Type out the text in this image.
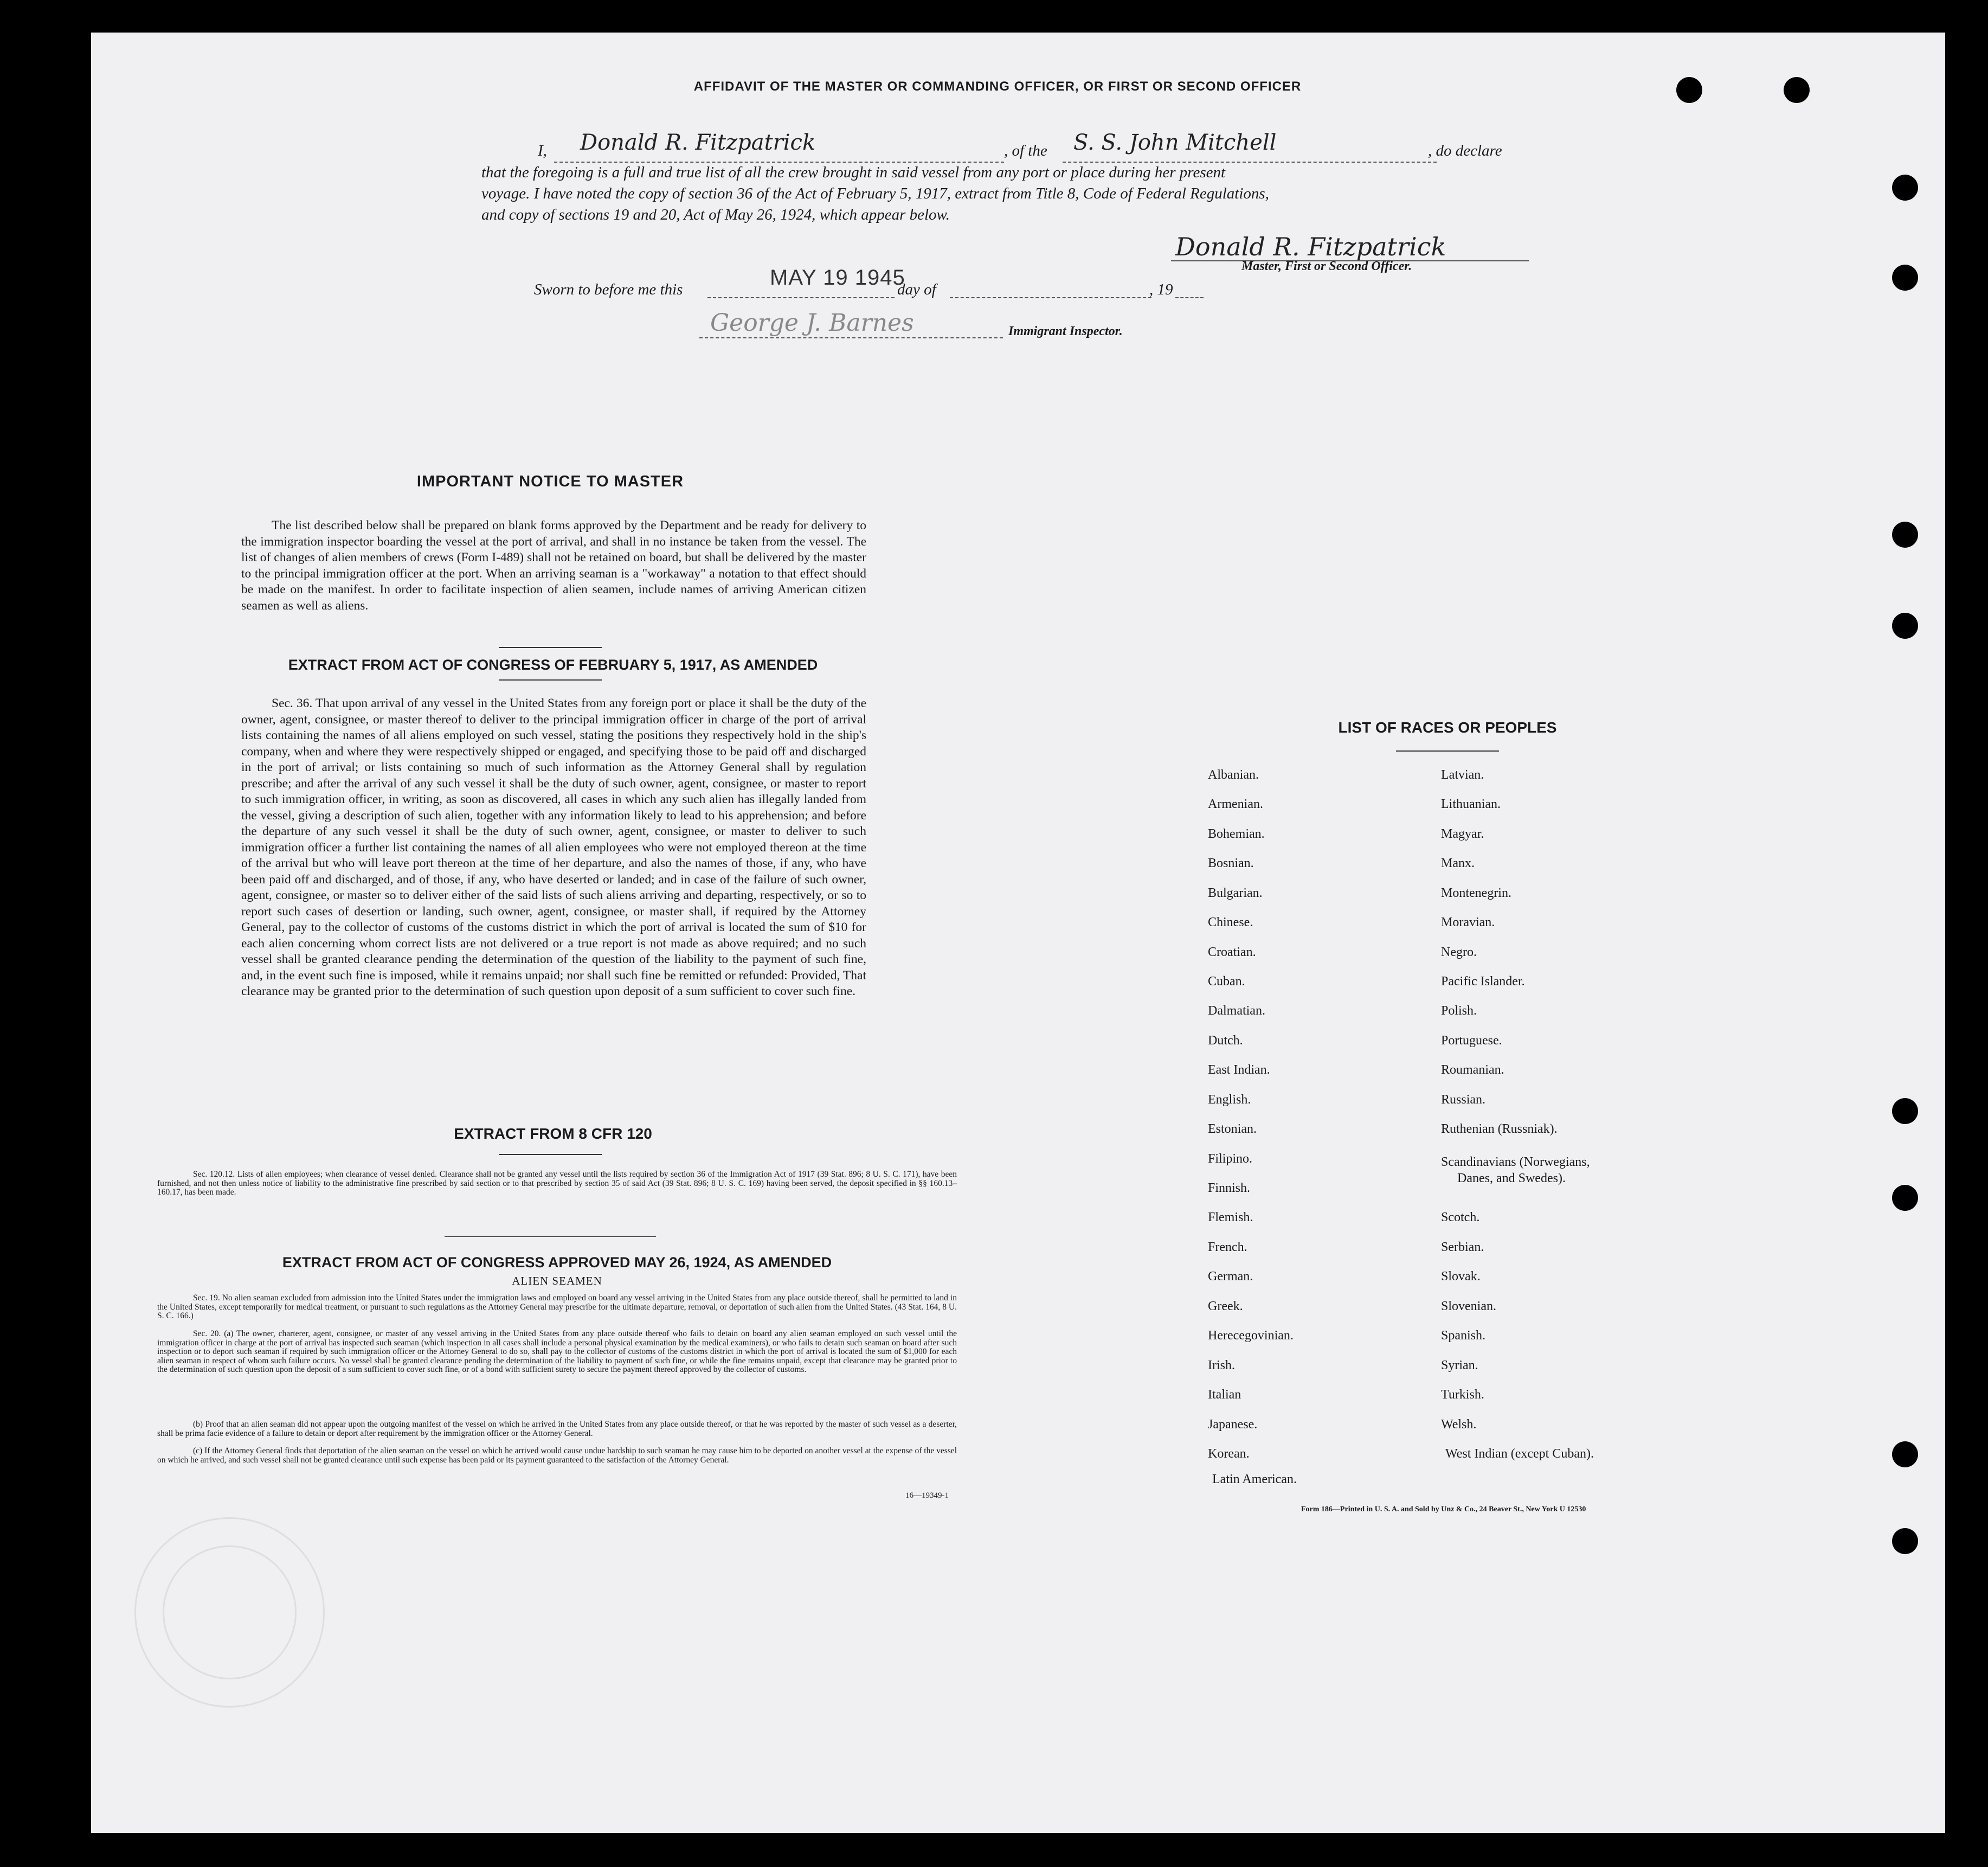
AFFIDAVIT OF THE MASTER OR COMMANDING OFFICER, OR FIRST OR SECOND OFFICER
I, Donald R. Fitzpatrick	, of the S. S. John Mitchell	, do declare
that the foregoing is a full and true list of all the crew brought in said vessel from any port or place during her present
voyage. I have noted the copy of section 36 of the Act of February 5, 1917, extract from Title 8, Code of Federal Regulations,
and copy of sections 19 and 20, Act of May 26, 1924, which appear below.
Donald R. Fitzpatrick
Master, First or Second Officer.
Sworn to before me this	MAY 19 1945
day of	, 19
George J. Barnes	Immigrant Inspector.
IMPORTANT NOTICE TO MASTER
The list described below shall be prepared on blank forms approved by the Department and be ready for delivery to the immigration inspector boarding the vessel at the port of arrival, and shall in no instance be taken from the vessel. The list of changes of alien members of crews (Form I-489) shall not be retained on board, but shall be delivered by the master to the principal immigration officer at the port. When an arriving seaman is a "workaway" a notation to that effect should be made on the manifest. In order to facilitate inspection of alien seamen, include names of arriving American citizen seamen as well as aliens.
EXTRACT FROM ACT OF CONGRESS OF FEBRUARY 5, 1917, AS AMENDED
Sec. 36. That upon arrival of any vessel in the United States from any foreign port or place it shall be the duty of the owner, agent, consignee, or master thereof to deliver to the principal immigration officer in charge of the port of arrival lists containing the names of all aliens employed on such vessel, stating the positions they respectively hold in the ship's company, when and where they were respectively shipped or engaged, and specifying those to be paid off and discharged in the port of arrival; or lists containing so much of such information as the Attorney General shall by regulation prescribe; and after the arrival of any such vessel it shall be the duty of such owner, agent, consignee, or master to report to such immigration officer, in writing, as soon as discovered, all cases in which any such alien has illegally landed from the vessel, giving a description of such alien, together with any information likely to lead to his apprehension; and before the departure of any such vessel it shall be the duty of such owner, agent, consignee, or master to deliver to such immigration officer a further list containing the names of all alien employees who were not employed thereon at the time of the arrival but who will leave port thereon at the time of her departure, and also the names of those, if any, who have been paid off and discharged, and of those, if any, who have deserted or landed; and in case of the failure of such owner, agent, consignee, or master so to deliver either of the said lists of such aliens arriving and departing, respectively, or so to report such cases of desertion or landing, such owner, agent, consignee, or master shall, if required by the Attorney General, pay to the collector of customs of the customs district in which the port of arrival is located the sum of $10 for each alien concerning whom correct lists are not delivered or a true report is not made as above required; and no such vessel shall be granted clearance pending the determination of the question of the liability to the payment of such fine, and, in the event such fine is imposed, while it remains unpaid; nor shall such fine be remitted or refunded: Provided, That clearance may be granted prior to the determination of such question upon deposit of a sum sufficient to cover such fine.
EXTRACT FROM 8 CFR 120
Sec. 120.12. Lists of alien employees; when clearance of vessel denied. Clearance shall not be granted any vessel until the lists required by section 36 of the Immigration Act of 1917 (39 Stat. 896; 8 U. S. C. 171), have been furnished, and not then unless notice of liability to the administrative fine prescribed by said section or to that prescribed by section 35 of said Act (39 Stat. 896; 8 U. S. C. 169) having been served, the deposit specified in §§ 160.13–160.17, has been made.
EXTRACT FROM ACT OF CONGRESS APPROVED MAY 26, 1924, AS AMENDED
ALIEN SEAMEN
Sec. 19. No alien seaman excluded from admission into the United States under the immigration laws and employed on board any vessel arriving in the United States from any place outside thereof, shall be permitted to land in the United States, except temporarily for medical treatment, or pursuant to such regulations as the Attorney General may prescribe for the ultimate departure, removal, or deportation of such alien from the United States. (43 Stat. 164, 8 U. S. C. 166.)
Sec. 20. (a) The owner, charterer, agent, consignee, or master of any vessel arriving in the United States from any place outside thereof who fails to detain on board any alien seaman employed on such vessel until the immigration officer in charge at the port of arrival has inspected such seaman (which inspection in all cases shall include a personal physical examination by the medical examiners), or who fails to detain such seaman on board after such inspection or to deport such seaman if required by such immigration officer or the Attorney General to do so, shall pay to the collector of customs of the customs district in which the port of arrival is located the sum of $1,000 for each alien seaman in respect of whom such failure occurs. No vessel shall be granted clearance pending the determination of the liability to payment of such fine, or while the fine remains unpaid, except that clearance may be granted prior to the determination of such question upon the deposit of a sum sufficient to cover such fine, or of a bond with sufficient surety to secure the payment thereof approved by the collector of customs.
(b) Proof that an alien seaman did not appear upon the outgoing manifest of the vessel on which he arrived in the United States from any place outside thereof, or that he was reported by the master of such vessel as a deserter, shall be prima facie evidence of a failure to detain or deport after requirement by the immigration officer or the Attorney General.
(c) If the Attorney General finds that deportation of the alien seaman on the vessel on which he arrived would cause undue hardship to such seaman he may cause him to be deported on another vessel at the expense of the vessel on which he arrived, and such vessel shall not be granted clearance until such expense has been paid or its payment guaranteed to the satisfaction of the Attorney General.
16—19349-1
LIST OF RACES OR PEOPLES
Albanian.
Armenian.
Bohemian.
Bosnian.
Bulgarian.
Chinese.
Croatian.
Cuban.
Dalmatian.
Dutch.
East Indian.
English.
Estonian.
Filipino.
Finnish.
Flemish.
French.
German.
Greek.
Herecegovinian.
Irish.
Italian
Japanese.
Korean.
Latin American.
Latvian.
Lithuanian.
Magyar.
Manx.
Montenegrin.
Moravian.
Negro.
Pacific Islander.
Polish.
Portuguese.
Roumanian.
Russian.
Ruthenian (Russniak).
Scandinavians (Norwegians,
Danes, and Swedes).
Scotch.
Serbian.
Slovak.
Slovenian.
Spanish.
Syrian.
Turkish.
Welsh.
West Indian (except Cuban).
Form 186—Printed in U. S. A. and Sold by Unz & Co., 24 Beaver St., New York U 12530
